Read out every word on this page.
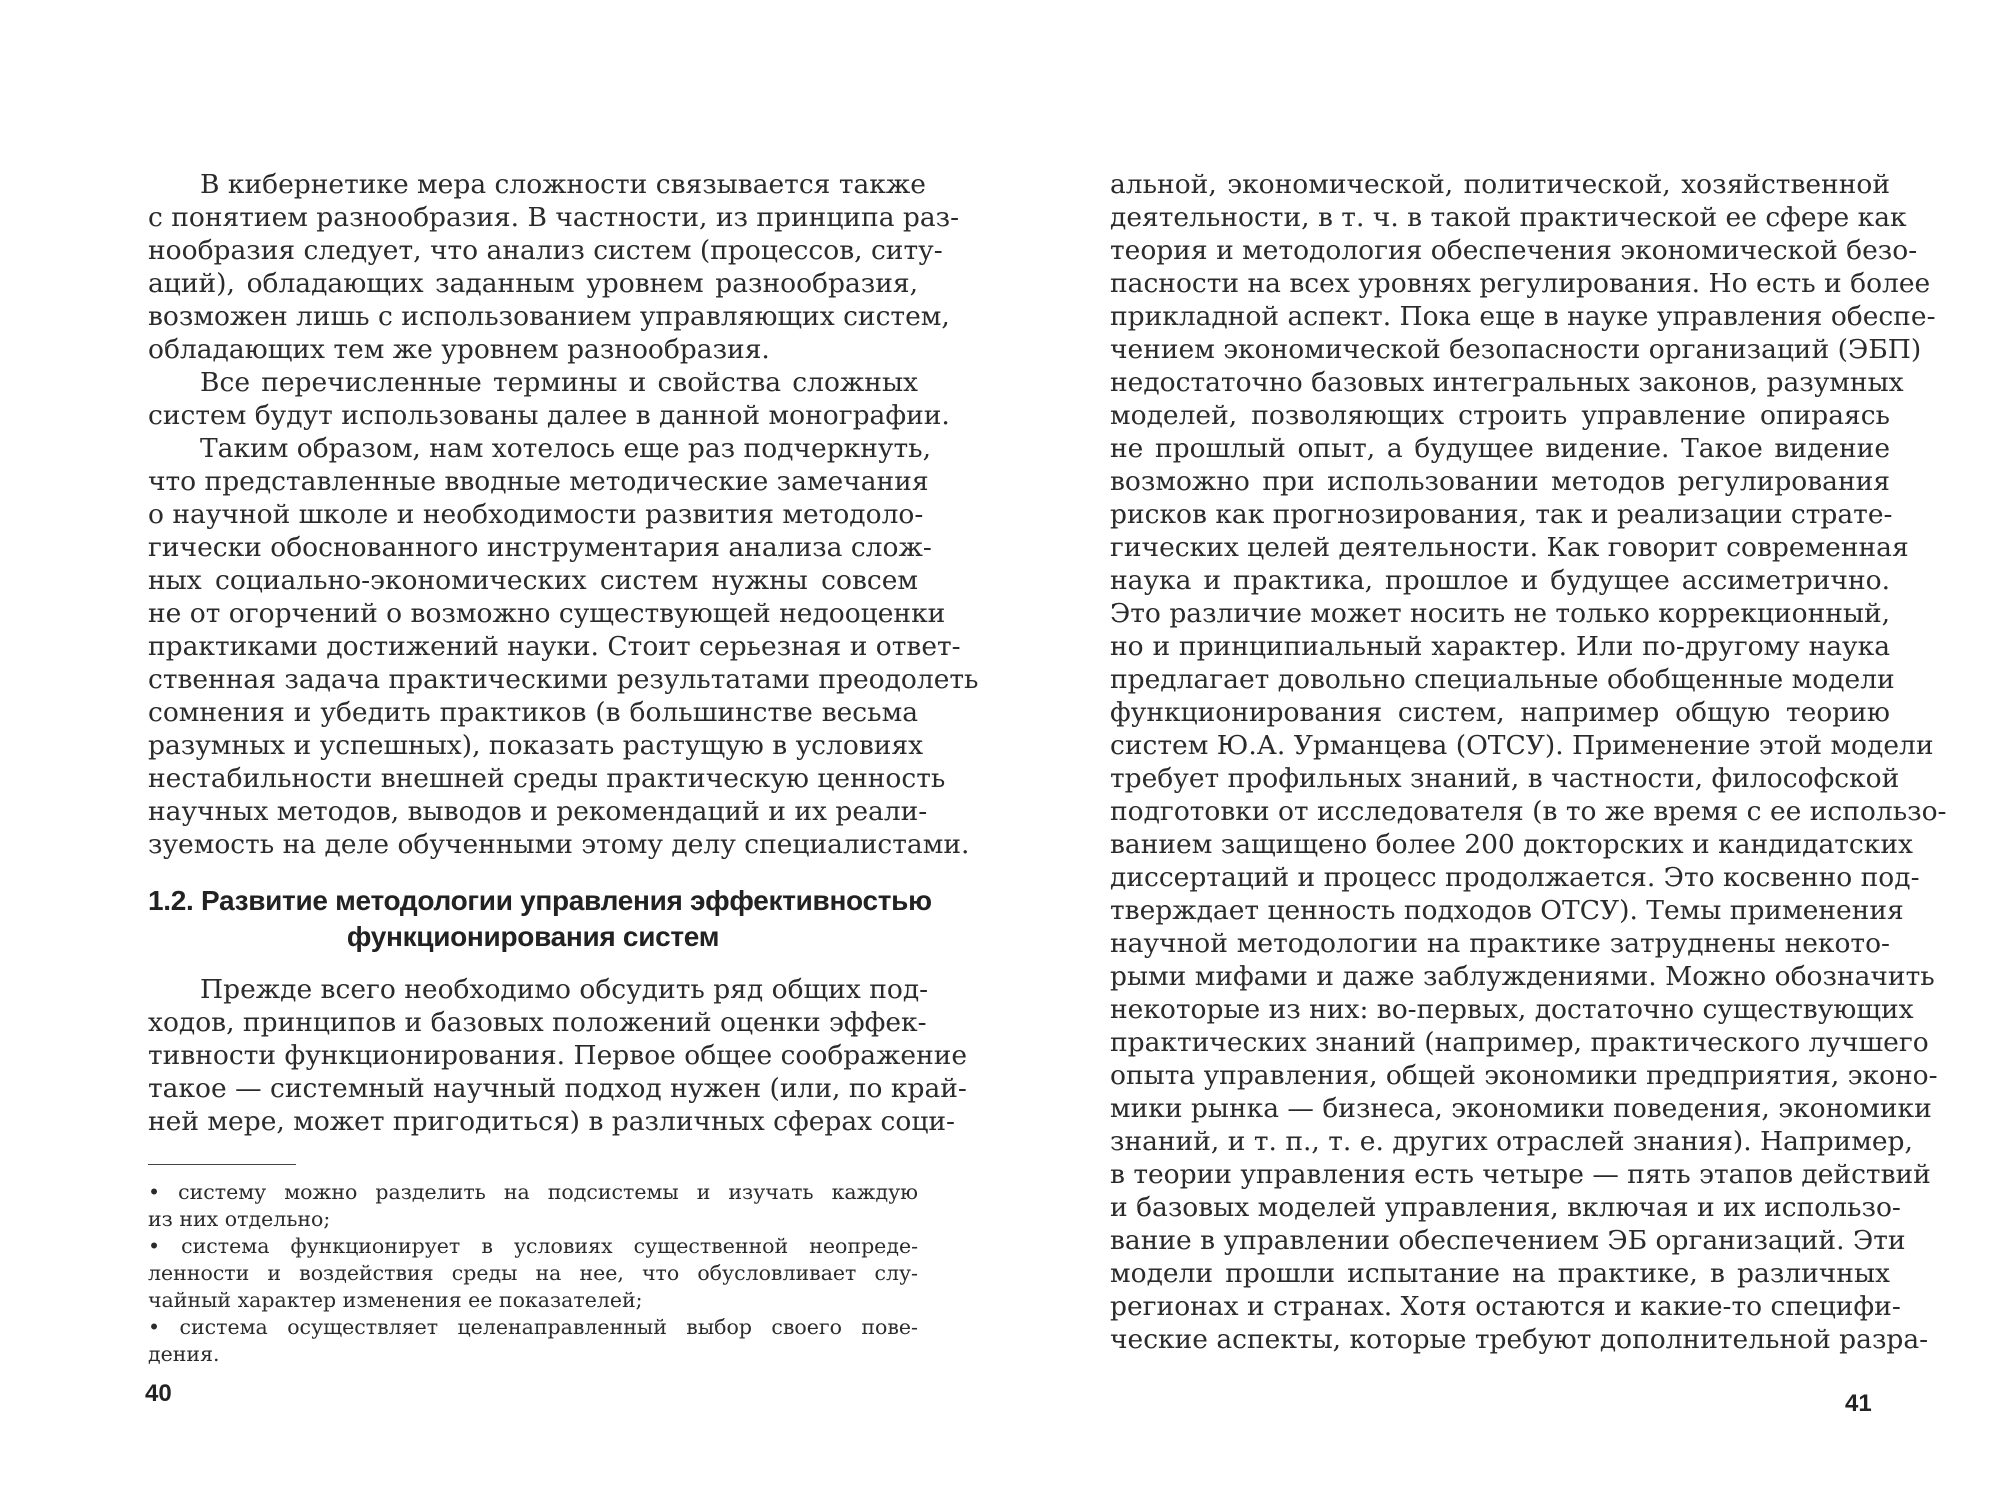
В кибернетике мера сложности связывается также
с понятием разнообразия. В частности, из принципа раз-
нообразия следует, что анализ систем (процессов, ситу-
аций), обладающих заданным уровнем разнообразия,
возможен лишь с использованием управляющих систем,
обладающих тем же уровнем разнообразия.
Все перечисленные термины и свойства сложных
систем будут использованы далее в данной монографии.
Таким образом, нам хотелось еще раз подчеркнуть,
что представленные вводные методические замечания
о научной школе и необходимости развития методоло-
гически обоснованного инструментария анализа слож-
ных социально-экономических систем нужны совсем
не от огорчений о возможно существующей недооценки
практиками достижений науки. Стоит серьезная и ответ-
ственная задача практическими результатами преодолеть
сомнения и убедить практиков (в большинстве весьма
разумных и успешных), показать растущую в условиях
нестабильности внешней среды практическую ценность
научных методов, выводов и рекомендаций и их реали-
зуемость на деле обученными этому делу специалистами.
1.2. Развитие методологии управления эффективностью
функционирования систем
Прежде всего необходимо обсудить ряд общих под-
ходов, принципов и базовых положений оценки эффек-
тивности функционирования. Первое общее соображение
такое — системный научный подход нужен (или, по край-
ней мере, может пригодиться) в различных сферах соци-
• систему можно разделить на подсистемы и изучать каждую
из них отдельно;
• система функционирует в условиях существенной неопреде-
ленности и воздействия среды на нее, что обусловливает слу-
чайный характер изменения ее показателей;
• система осуществляет целенаправленный выбор своего пове-
дения.
40
альной, экономической, политической, хозяйственной
деятельности, в т. ч. в такой практической ее сфере как
теория и методология обеспечения экономической безо-
пасности на всех уровнях регулирования. Но есть и более
прикладной аспект. Пока еще в науке управления обеспе-
чением экономической безопасности организаций (ЭБП)
недостаточно базовых интегральных законов, разумных
моделей, позволяющих строить управление опираясь
не прошлый опыт, а будущее видение. Такое видение
возможно при использовании методов регулирования
рисков как прогнозирования, так и реализации страте-
гических целей деятельности. Как говорит современная
наука и практика, прошлое и будущее ассиметрично.
Это различие может носить не только коррекционный,
но и принципиальный характер. Или по-другому наука
предлагает довольно специальные обобщенные модели
функционирования систем, например общую теорию
систем Ю.А. Урманцева (ОТСУ). Применение этой модели
требует профильных знаний, в частности, философской
подготовки от исследователя (в то же время с ее использо-
ванием защищено более 200 докторских и кандидатских
диссертаций и процесс продолжается. Это косвенно под-
тверждает ценность подходов ОТСУ). Темы применения
научной методологии на практике затруднены некото-
рыми мифами и даже заблуждениями. Можно обозначить
некоторые из них: во-первых, достаточно существующих
практических знаний (например, практического лучшего
опыта управления, общей экономики предприятия, эконо-
мики рынка — бизнеса, экономики поведения, экономики
знаний, и т. п., т. е. других отраслей знания). Например,
в теории управления есть четыре — пять этапов действий
и базовых моделей управления, включая и их использо-
вание в управлении обеспечением ЭБ организаций. Эти
модели прошли испытание на практике, в различных
регионах и странах. Хотя остаются и какие-то специфи-
ческие аспекты, которые требуют дополнительной разра-
41
